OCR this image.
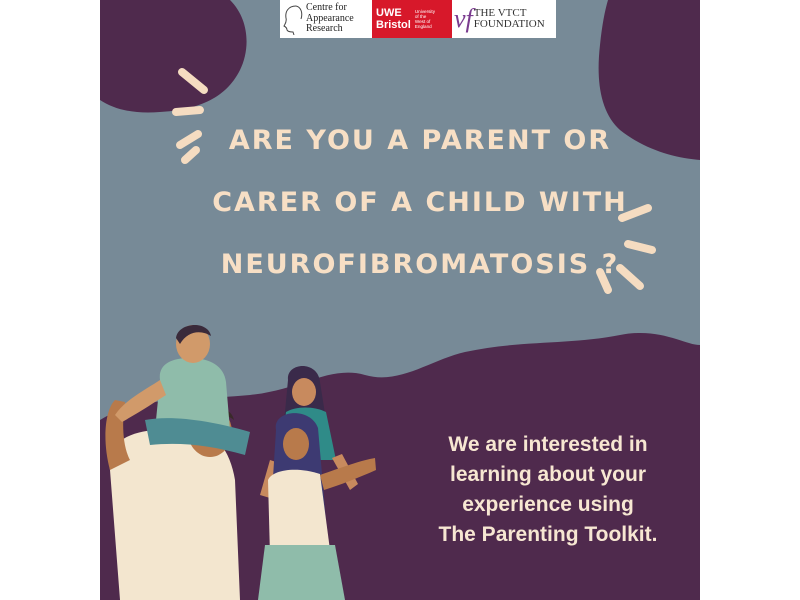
Centre for
Appearance
Research
UWE
Bristol
University
of the
West of
England vf THE VTCT
FOUNDATION
ARE YOU A PARENT OR
CARER OF A CHILD WITH
NEUROFIBROMATOSIS ?
We are interested in
learning about your
experience using
The Parenting Toolkit.
